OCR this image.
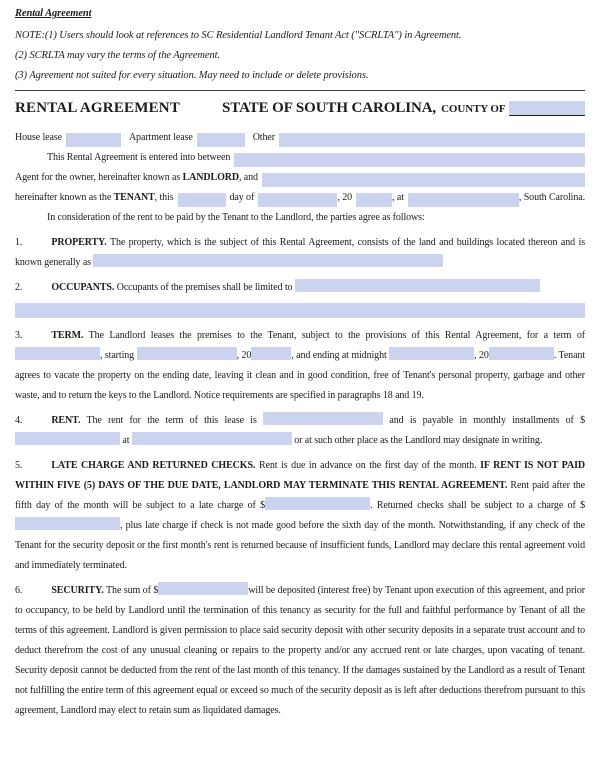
Rental Agreement
NOTE:(1) Users should look at references to SC Residential Landlord Tenant Act ("SCRLTA") in Agreement.
(2) SCRLTA may vary the terms of the Agreement.
(3) Agreement not suited for every situation. May need to include or delete provisions.
RENTAL AGREEMENT	STATE OF SOUTH CAROLINA, COUNTY OF
House lease	Apartment lease	Other
This Rental Agreement is entered into between
Agent for the owner, hereinafter known as LANDLORD , and
hereinafter known as the TENANT , this	day of	, 20	, at	, South Carolina.
In consideration of the rent to be paid by the Tenant to the Landlord, the parties agree as follows:
1.	PROPERTY. The property, which is the subject of this Rental Agreement, consists of the land and buildings located thereon and is known generally as
2.	OCCUPANTS. Occupants of the premises shall be limited to
3.	TERM. The Landlord leases the premises to the Tenant, subject to the provisions of this Rental Agreement, for a term of , starting	, 20	, and ending at midnight	, 20	. Tenant agrees to vacate the property on the ending date, leaving it clean and in good condition, free of Tenant's personal property, garbage and other waste, and to return the keys to the Landlord. Notice requirements are specified in paragraphs 18 and 19.
4.	RENT. The rent for the term of this lease is	and is payable in monthly installments of $ at	or at such other place as the Landlord may designate in writing.
5.	LATE CHARGE AND RETURNED CHECKS. Rent is due in advance on the first day of the month. IF RENT IS NOT PAID WITHIN FIVE (5) DAYS OF THE DUE DATE, LANDLORD MAY TERMINATE THIS RENTAL AGREEMENT. Rent paid after the fifth day of the month will be subject to a late charge of $	. Returned checks shall be subject to a charge of $, plus late charge if check is not made good before the sixth day of the month. Notwithstanding, if any check of the Tenant for the security deposit or the first month's rent is returned because of insufficient funds, Landlord may declare this rental agreement void and immediately terminated.
6.	SECURITY. The sum of $	will be deposited (interest free) by Tenant upon execution of this agreement, and prior to occupancy, to be held by Landlord until the termination of this tenancy as security for the full and faithful performance by Tenant of all the terms of this agreement. Landlord is given permission to place said security deposit with other security deposits in a separate trust account and to deduct therefrom the cost of any unusual cleaning or repairs to the property and/or any accrued rent or late charges, upon vacating of tenant. Security deposit cannot be deducted from the rent of the last month of this tenancy. If the damages sustained by the Landlord as a result of Tenant not fulfilling the entire term of this agreement equal or exceed so much of the security deposit as is left after deductions therefrom pursuant to this agreement, Landlord may elect to retain sum as liquidated damages.
